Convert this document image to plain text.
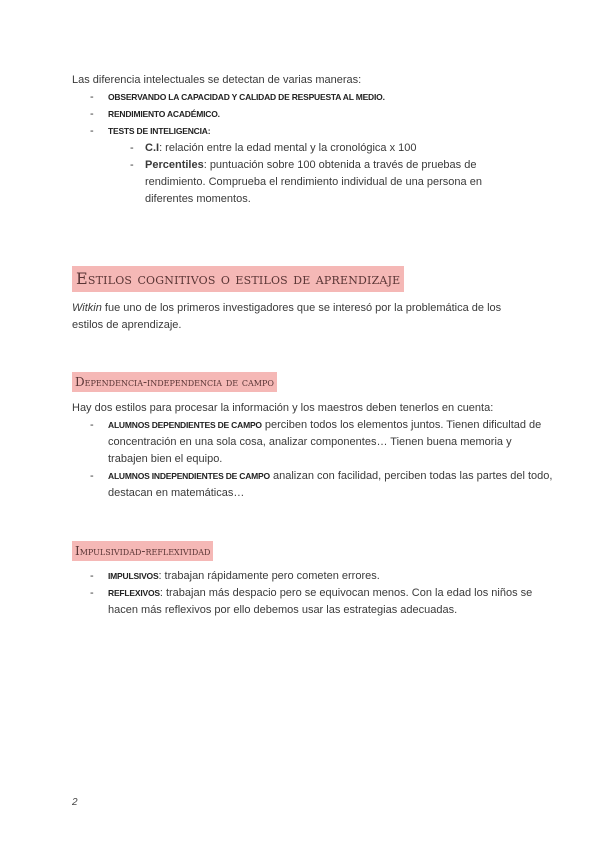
Las diferencia intelectuales se detectan de varias maneras:
- OBSERVANDO LA CAPACIDAD Y CALIDAD DE RESPUESTA AL MEDIO.
- RENDIMIENTO ACADÉMICO.
- TESTS DE INTELIGENCIA:
- C.I: relación entre la edad mental y la cronológica x 100
- Percentiles: puntuación sobre 100 obtenida a través de pruebas de
rendimiento. Comprueba el rendimiento individual de una persona en
diferentes momentos.
Estilos cognitivos o estilos de aprendizaje
Witkin fue uno de los primeros investigadores que se interesó por la problemática de los
estilos de aprendizaje.
Dependencia-independencia de campo
Hay dos estilos para procesar la información y los maestros deben tenerlos en cuenta:
- ALUMNOS DEPENDIENTES DE CAMPO perciben todos los elementos juntos. Tienen dificultad de
concentración en una sola cosa, analizar componentes… Tienen buena memoria y
trabajen bien el equipo.
- ALUMNOS INDEPENDIENTES DE CAMPO analizan con facilidad, perciben todas las partes del todo,
destacan en matemáticas…
Impulsividad-reflexividad
- IMPULSIVOS: trabajan rápidamente pero cometen errores.
- REFLEXIVOS: trabajan más despacio pero se equivocan menos. Con la edad los niños se
hacen más reflexivos por ello debemos usar las estrategias adecuadas.
2
